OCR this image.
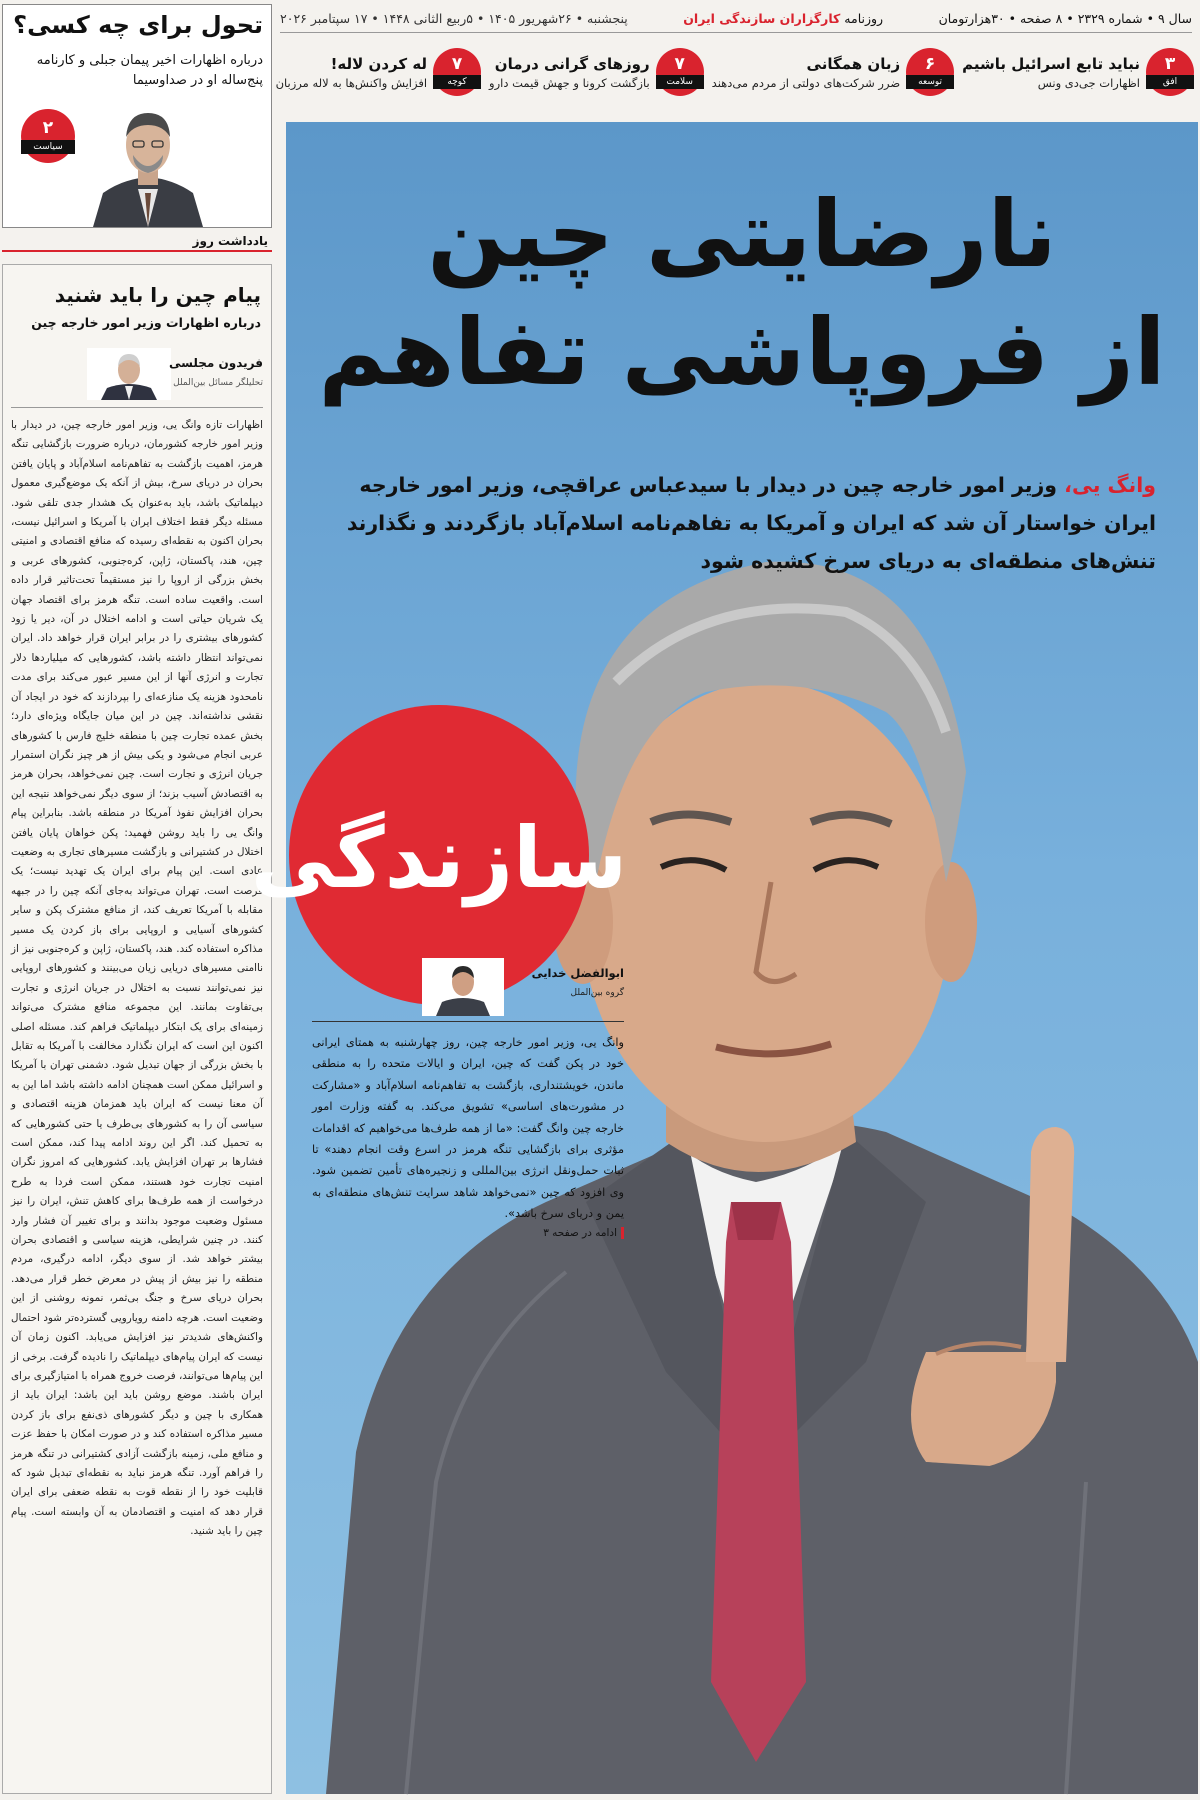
سال ۹ • شماره ۲۳۲۹ • ۸ صفحه • ۳۰هزارتومان
روزنامه کارگزاران سازندگی ایران
پنجشنبه • ۲۶شهریور ۱۴۰۵ • ۵ربیع الثانی ۱۴۴۸ • ۱۷ سپتامبر ۲۰۲۶
۳
افق
نباید تابع اسرائیل باشیم
اظهارات جی‌دی ونس
۶
توسعه
زبان همگانی
ضرر شرکت‌های دولتی از مردم می‌دهند
۷
سلامت
روزهای گرانی درمان
بازگشت کرونا و جهش قیمت دارو
۷
کوچه
له کردن لاله!
افزایش واکنش‌ها به لاله مرزبان
تحول برای چه کسی؟
درباره اظهارات اخیر پیمان جبلی و کارنامه پنج‌ساله او در صداوسیما
۲
سیاست
یادداشت روز
پیام چین را باید شنید
درباره اظهارات وزیر امور خارجه چین
فریدون مجلسی
تحلیلگر مسائل بین‌الملل
اظهارات تازه وانگ یی، وزیر امور خارجه چین، در دیدار با وزیر امور خارجه کشورمان، درباره ضرورت بازگشایی تنگه هرمز، اهمیت بازگشت به تفاهم‌نامه اسلام‌آباد و پایان یافتن بحران در دریای سرخ، بیش از آنکه یک موضع‌گیری معمول دیپلماتیک باشد، باید به‌عنوان یک هشدار جدی تلقی شود. مسئله دیگر فقط اختلاف ایران با آمریکا و اسرائیل نیست، بحران اکنون به نقطه‌ای رسیده که منافع اقتصادی و امنیتی چین، هند، پاکستان، ژاپن، کره‌جنوبی، کشورهای عربی و بخش بزرگی از اروپا را نیز مستقیماً تحت‌تاثیر قرار داده است. واقعیت ساده است. تنگه هرمز برای اقتصاد جهان یک شریان حیاتی است و ادامه اختلال در آن، دیر یا زود کشورهای بیشتری را در برابر ایران قرار خواهد داد. ایران نمی‌تواند انتظار داشته باشد، کشورهایی که میلیاردها دلار تجارت و انرژی آنها از این مسیر عبور می‌کند برای مدت نامحدود هزینه یک منازعه‌ای را بپردازند که خود در ایجاد آن نقشی نداشته‌اند. چین در این میان جایگاه ویژه‌ای دارد؛ بخش عمده تجارت چین با منطقه خلیج فارس با کشورهای عربی انجام می‌شود و یکی بیش از هر چیز نگران استمرار جریان انرژی و تجارت است. چین نمی‌خواهد، بحران هرمز به اقتصادش آسیب بزند؛ از سوی دیگر نمی‌خواهد نتیجه این بحران افزایش نفوذ آمریکا در منطقه باشد. بنابراین پیام وانگ یی را باید روشن فهمید: پکن خواهان پایان یافتن اختلال در کشتیرانی و بازگشت مسیرهای تجاری به وضعیت عادی است. این پیام برای ایران یک تهدید نیست؛ یک فرصت است. تهران می‌تواند به‌جای آنکه چین را در جبهه مقابله با آمریکا تعریف کند، از منافع مشترک پکن و سایر کشورهای آسیایی و اروپایی برای باز کردن یک مسیر مذاکره استفاده کند. هند، پاکستان، ژاپن و کره‌جنوبی نیز از ناامنی مسیرهای دریایی زیان می‌بینند و کشورهای اروپایی نیز نمی‌توانند نسبت به اختلال در جریان انرژی و تجارت بی‌تفاوت بمانند. این مجموعه منافع مشترک می‌تواند زمینه‌ای برای یک ابتکار دیپلماتیک فراهم کند. مسئله اصلی اکنون این است که ایران نگذارد مخالفت با آمریکا به تقابل با بخش بزرگی از جهان تبدیل شود. دشمنی تهران با آمریکا و اسرائیل ممکن است همچنان ادامه داشته باشد اما این به آن معنا نیست که ایران باید همزمان هزینه اقتصادی و سیاسی آن را به کشورهای بی‌طرف یا حتی کشورهایی که به تحمیل کند. اگر این روند ادامه پیدا کند، ممکن است فشارها بر تهران افزایش یابد. کشورهایی که امروز نگران امنیت تجارت خود هستند، ممکن است فردا به طرح درخواست از همه طرف‌ها برای کاهش تنش، ایران را نیز مسئول وضعیت موجود بدانند و برای تغییر آن فشار وارد کنند. در چنین شرایطی، هزینه سیاسی و اقتصادی بحران بیشتر خواهد شد. از سوی دیگر، ادامه درگیری، مردم منطقه را نیز بیش از پیش در معرض خطر قرار می‌دهد. بحران دریای سرخ و جنگ بی‌ثمر، نمونه روشنی از این وضعیت است. هرچه دامنه رویارویی گسترده‌تر شود احتمال واکنش‌های شدیدتر نیز افزایش می‌یابد. اکنون زمان آن نیست که ایران پیام‌های دیپلماتیک را نادیده گرفت. برخی از این پیام‌ها می‌توانند، فرصت خروج همراه با امتیازگیری برای ایران باشند. موضع روشن باید این باشد: ایران باید از همکاری با چین و دیگر کشورهای ذی‌نفع برای باز کردن مسیر مذاکره استفاده کند و در صورت امکان با حفظ عزت و منافع ملی، زمینه بازگشت آزادی کشتیرانی در تنگه هرمز را فراهم آورد. تنگه هرمز نباید به نقطه‌ای تبدیل شود که قابلیت خود را از نقطه قوت به نقطه ضعفی برای ایران قرار دهد که امنیت و اقتصادمان به آن وابسته است. پیام چین را باید شنید.
نارضایتی چین
از فروپاشی تفاهم
وانگ یی، وزیر امور خارجه چین در دیدار با سیدعباس عراقچی، وزیر امور خارجه ایران خواستار آن شد که ایران و آمریکا به تفاهم‌نامه اسلام‌آباد بازگردند و نگذارند تنش‌های منطقه‌ای به دریای سرخ کشیده شود
سازندگی
ابوالفضل خدایی
گروه بین‌الملل
وانگ یی، وزیر امور خارجه چین، روز چهارشنبه به همتای ایرانی خود در پکن گفت که چین، ایران و ایالات متحده را به منطقی ماندن، خویشتنداری، بازگشت به تفاهم‌نامه اسلام‌آباد و «مشارکت در مشورت‌های اساسی» تشویق می‌کند. به گفته وزارت امور خارجه چین وانگ گفت: «ما از همه طرف‌ها می‌خواهیم که اقدامات مؤثری برای بازگشایی تنگه هرمز در اسرع وقت انجام دهند» تا ثبات حمل‌ونقل انرژی بین‌المللی و زنجیره‌های تأمین تضمین شود. وی افزود که چین «نمی‌خواهد شاهد سرایت تنش‌های منطقه‌ای به یمن و دریای سرخ باشد».
ادامه در صفحه ۳
